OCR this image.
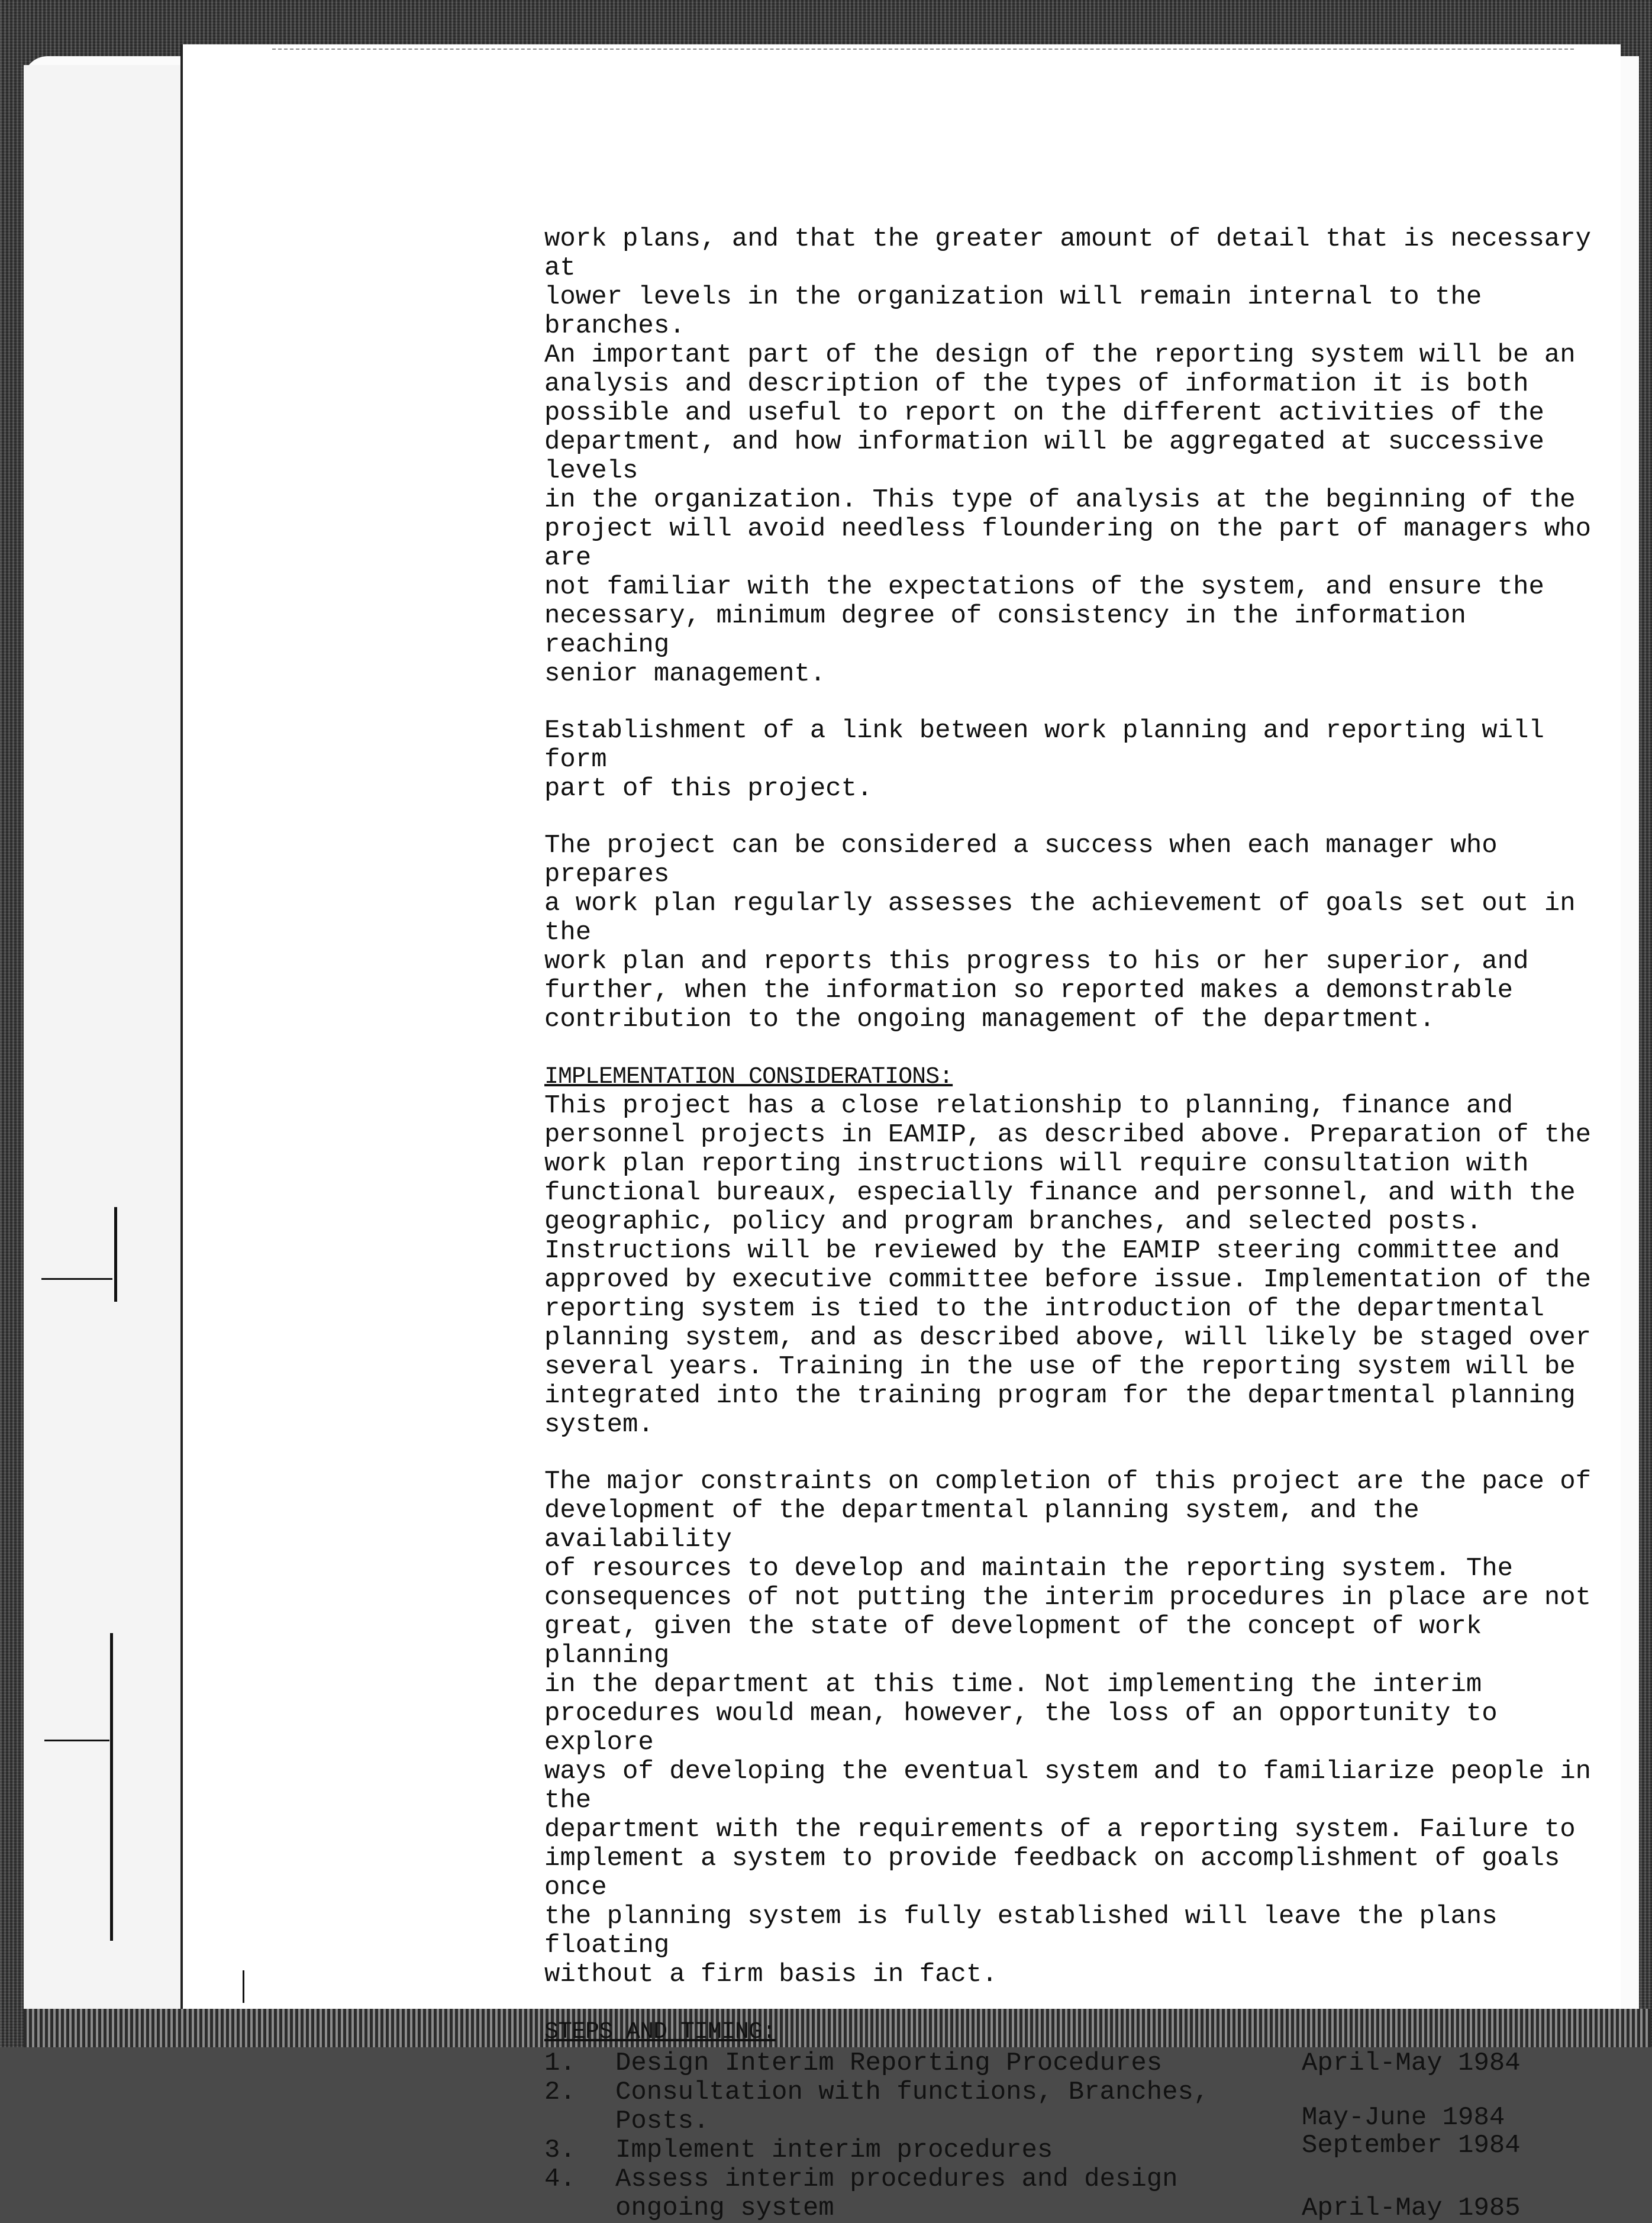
work plans, and that the greater amount of detail that is necessary at
lower levels in the organization will remain internal to the branches.
An important part of the design of the reporting system will be an
analysis and description of the types of information it is both
possible and useful to report on the different activities of the
department, and how information will be aggregated at successive levels
in the organization. This type of analysis at the beginning of the
project will avoid needless floundering on the part of managers who are
not familiar with the expectations of the system, and ensure the
necessary, minimum degree of consistency in the information reaching
senior management.

Establishment of a link between work planning and reporting will form
part of this project.

The project can be considered a success when each manager who prepares
a work plan regularly assesses the achievement of goals set out in the
work plan and reports this progress to his or her superior, and
further, when the information so reported makes a demonstrable
contribution to the ongoing management of the department.

IMPLEMENTATION CONSIDERATIONS:

This project has a close relationship to planning, finance and
personnel projects in EAMIP, as described above. Preparation of the
work plan reporting instructions will require consultation with
functional bureaux, especially finance and personnel, and with the
geographic, policy and program branches, and selected posts.
Instructions will be reviewed by the EAMIP steering committee and
approved by executive committee before issue. Implementation of the
reporting system is tied to the introduction of the departmental
planning system, and as described above, will likely be staged over
several years. Training in the use of the reporting system will be
integrated into the training program for the departmental planning
system.

The major constraints on completion of this project are the pace of
development of the departmental planning system, and the availability
of resources to develop and maintain the reporting system. The
consequences of not putting the interim procedures in place are not
great, given the state of development of the concept of work planning
in the department at this time. Not implementing the interim
procedures would mean, however, the loss of an opportunity to explore
ways of developing the eventual system and to familiarize people in the
department with the requirements of a reporting system. Failure to
implement a system to provide feedback on accomplishment of goals once
the planning system is fully established will leave the plans floating
without a firm basis in fact.

STEPS AND TIMING:
1.	Design Interim Reporting Procedures	April-May 1984
2.	Consultation with functions, Branches,
Posts.	May-June 1984
3.	Implement interim procedures	September 1984
4.	Assess interim procedures and design
ongoing system	April-May 1985
